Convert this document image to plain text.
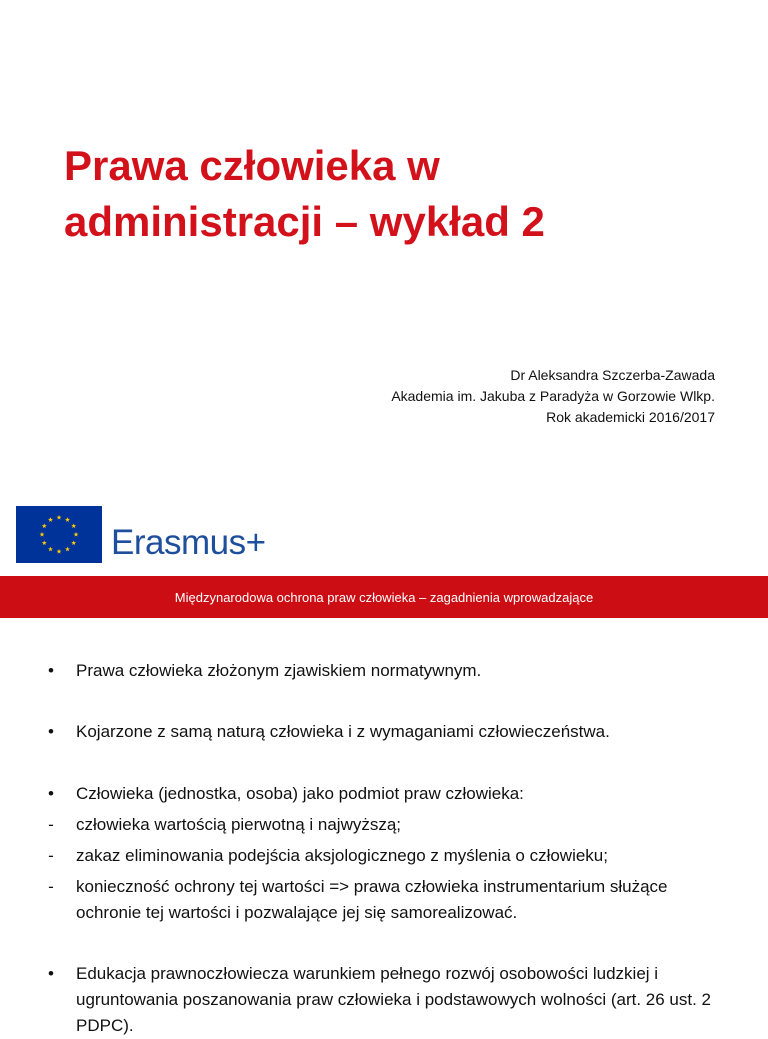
Prawa człowieka w
administracji – wykład 2
Dr Aleksandra Szczerba-Zawada
Akademia im. Jakuba z Paradyża w Gorzowie Wlkp.
Rok akademicki 2016/2017
Erasmus+
Międzynarodowa ochrona praw człowieka – zagadnienia wprowadzające
• Prawa człowieka złożonym zjawiskiem normatywnym.
• Kojarzone z samą naturą człowieka i z wymaganiami człowieczeństwa.
• Człowieka (jednostka, osoba) jako podmiot praw człowieka:
- człowieka wartością pierwotną i najwyższą;
- zakaz eliminowania podejścia aksjologicznego z myślenia o człowieku;
- konieczność ochrony tej wartości => prawa człowieka instrumentarium służące ochronie tej wartości i pozwalające jej się samorealizować.
• Edukacja prawnoczłowiecza warunkiem pełnego rozwój osobowości ludzkiej i ugruntowania poszanowania praw człowieka i podstawowych wolności (art. 26 ust. 2 PDPC).
